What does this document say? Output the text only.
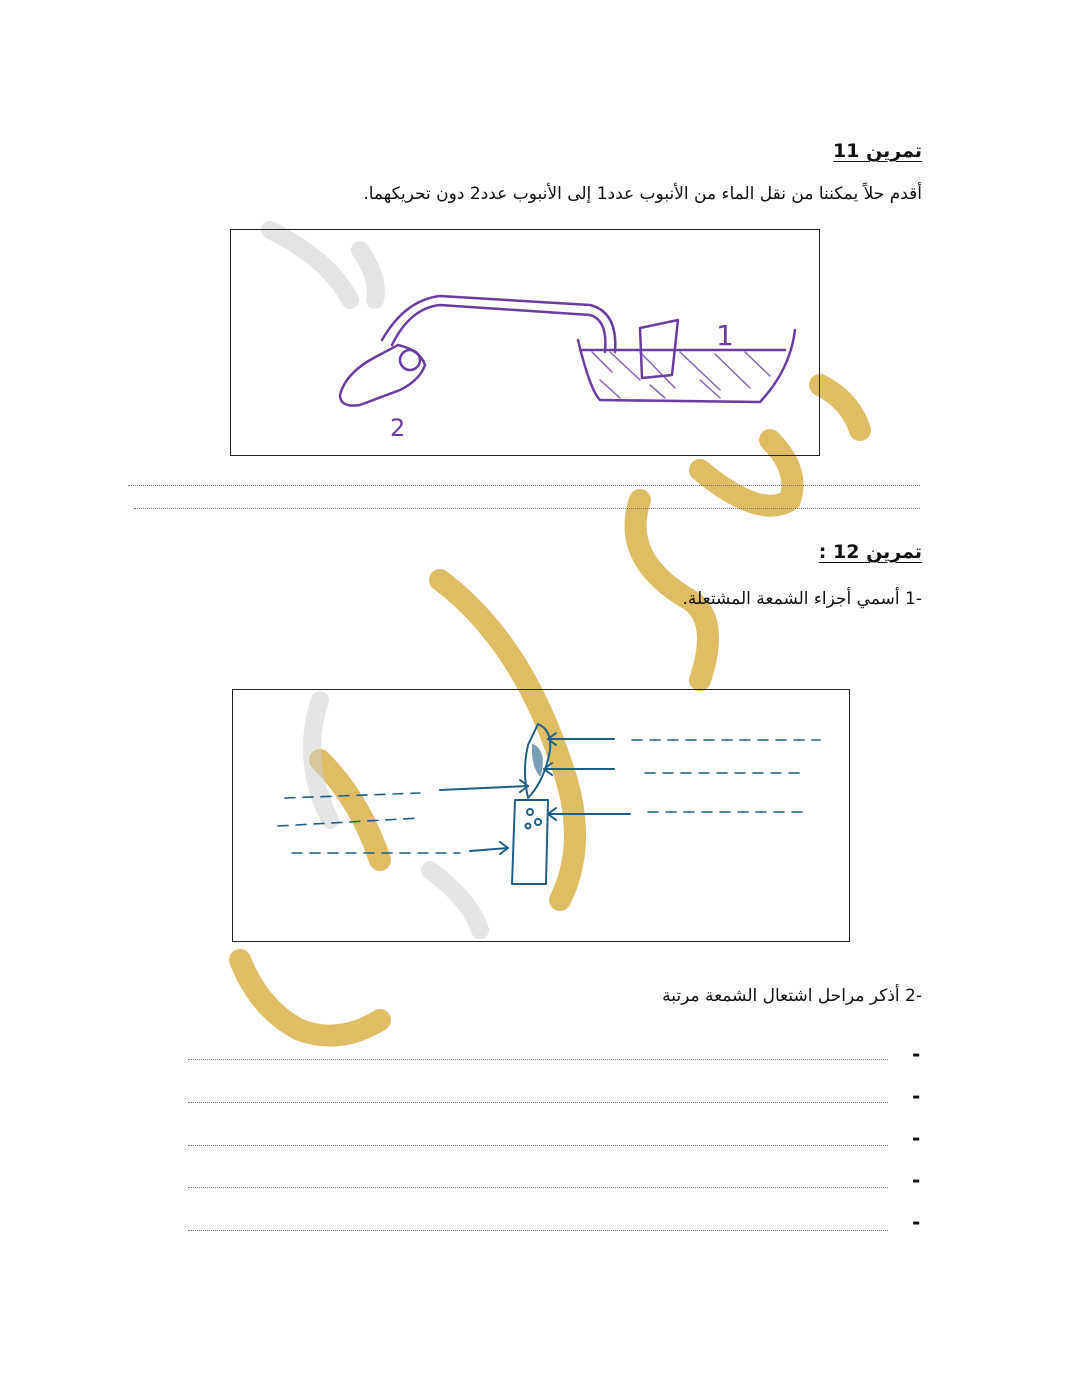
تمرين 11
أقدم حلاً يمكننا من نقل الماء من الأنبوب عدد1 إلى الأنبوب عدد2 دون تحريكهما.
1
2
تمرين 12 :
-1 أسمي أجزاء الشمعة المشتعلة.
-2 أذكر مراحل اشتعال الشمعة مرتبة
-
-
-
-
-
